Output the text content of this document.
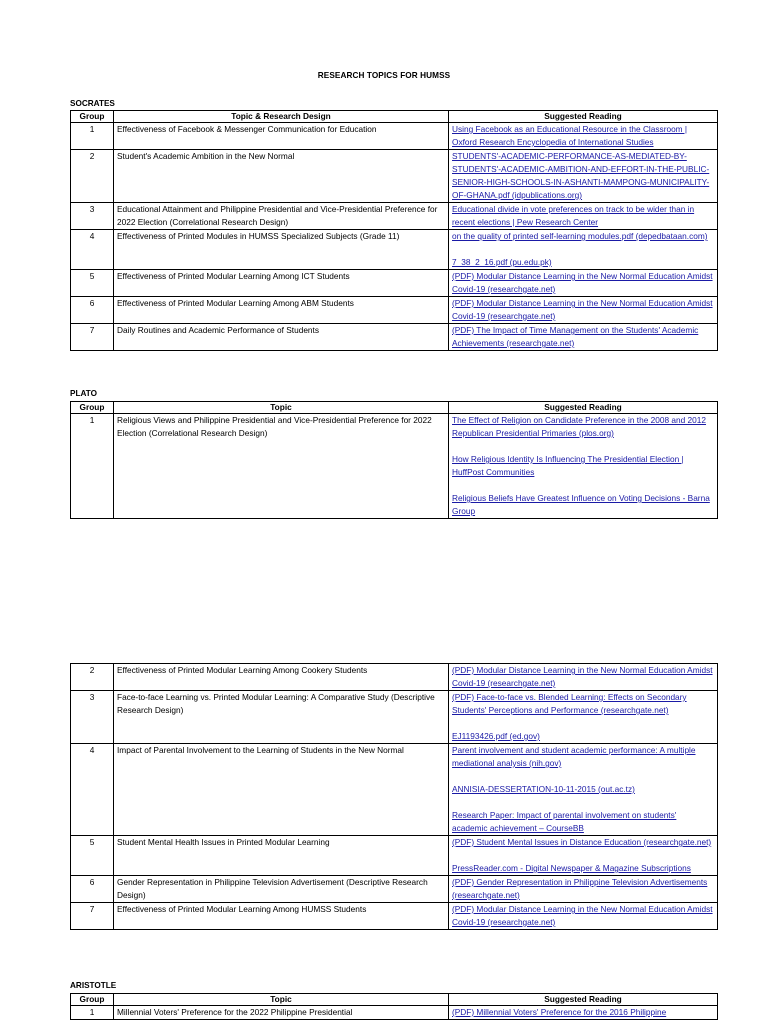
RESEARCH TOPICS FOR HUMSS
SOCRATES
Group	Topic & Research Design	Suggested Reading
1	Effectiveness of Facebook & Messenger Communication for Education	Using Facebook as an Educational Resource in the Classroom | Oxford Research Encyclopedia of International Studies

2	Student's Academic Ambition in the New Normal	STUDENTS'-ACADEMIC-PERFORMANCE-AS-MEDIATED-BY-STUDENTS'-ACADEMIC-AMBITION-AND-EFFORT-IN-THE-PUBLIC-SENIOR-HIGH-SCHOOLS-IN-ASHANTI-MAMPONG-MUNICIPALITY-OF-GHANA.pdf (idpublications.org)

3	Educational Attainment and Philippine Presidential and Vice-Presidential Preference for 2022 Election (Correlational Research Design)	Educational divide in vote preferences on track to be wider than in recent elections | Pew Research Center

4	Effectiveness of Printed Modules in HUMSS Specialized Subjects (Grade 11)	on the quality of printed self-learning modules.pdf (depedbataan.com)
7_38_2_16.pdf (pu.edu.pk)

5	Effectiveness of Printed Modular Learning Among ICT Students	(PDF) Modular Distance Learning in the New Normal Education Amidst Covid-19 (researchgate.net)

6	Effectiveness of Printed Modular Learning Among ABM Students	(PDF) Modular Distance Learning in the New Normal Education Amidst Covid-19 (researchgate.net)

7	Daily Routines and Academic Performance of Students	(PDF) The Impact of Time Management on the Students' Academic Achievements (researchgate.net)
PLATO
Group	Topic	Suggested Reading
1	Religious Views and Philippine Presidential and Vice-Presidential Preference for 2022 Election (Correlational Research Design)	The Effect of Religion on Candidate Preference in the 2008 and 2012 Republican Presidential Primaries (plos.org)
How Religious Identity Is Influencing The Presidential Election | HuffPost Communities
Religious Beliefs Have Greatest Influence on Voting Decisions - Barna Group
2	Effectiveness of Printed Modular Learning Among Cookery Students	(PDF) Modular Distance Learning in the New Normal Education Amidst Covid-19 (researchgate.net)

3	Face-to-face Learning vs. Printed Modular Learning: A Comparative Study (Descriptive Research Design)	(PDF) Face-to-face vs. Blended Learning: Effects on Secondary Students' Perceptions and Performance (researchgate.net)
EJ1193426.pdf (ed.gov)

4	Impact of Parental Involvement to the Learning of Students in the New Normal	Parent involvement and student academic performance: A multiple mediational analysis (nih.gov)
ANNISIA-DESSERTATION-10-11-2015 (out.ac.tz)
Research Paper: Impact of parental involvement on students' academic achievement – CourseBB

5	Student Mental Health Issues in Printed Modular Learning	(PDF) Student Mental Issues in Distance Education (researchgate.net)
PressReader.com - Digital Newspaper & Magazine Subscriptions

6	Gender Representation in Philippine Television Advertisement (Descriptive Research Design)	(PDF) Gender Representation in Philippine Television Advertisements (researchgate.net)

7	Effectiveness of Printed Modular Learning Among HUMSS Students	(PDF) Modular Distance Learning in the New Normal Education Amidst Covid-19 (researchgate.net)
ARISTOTLE
Group	Topic	Suggested Reading
1	Millennial Voters' Preference for the 2022 Philippine Presidential	(PDF) Millennial Voters' Preference for the 2016 Philippine
